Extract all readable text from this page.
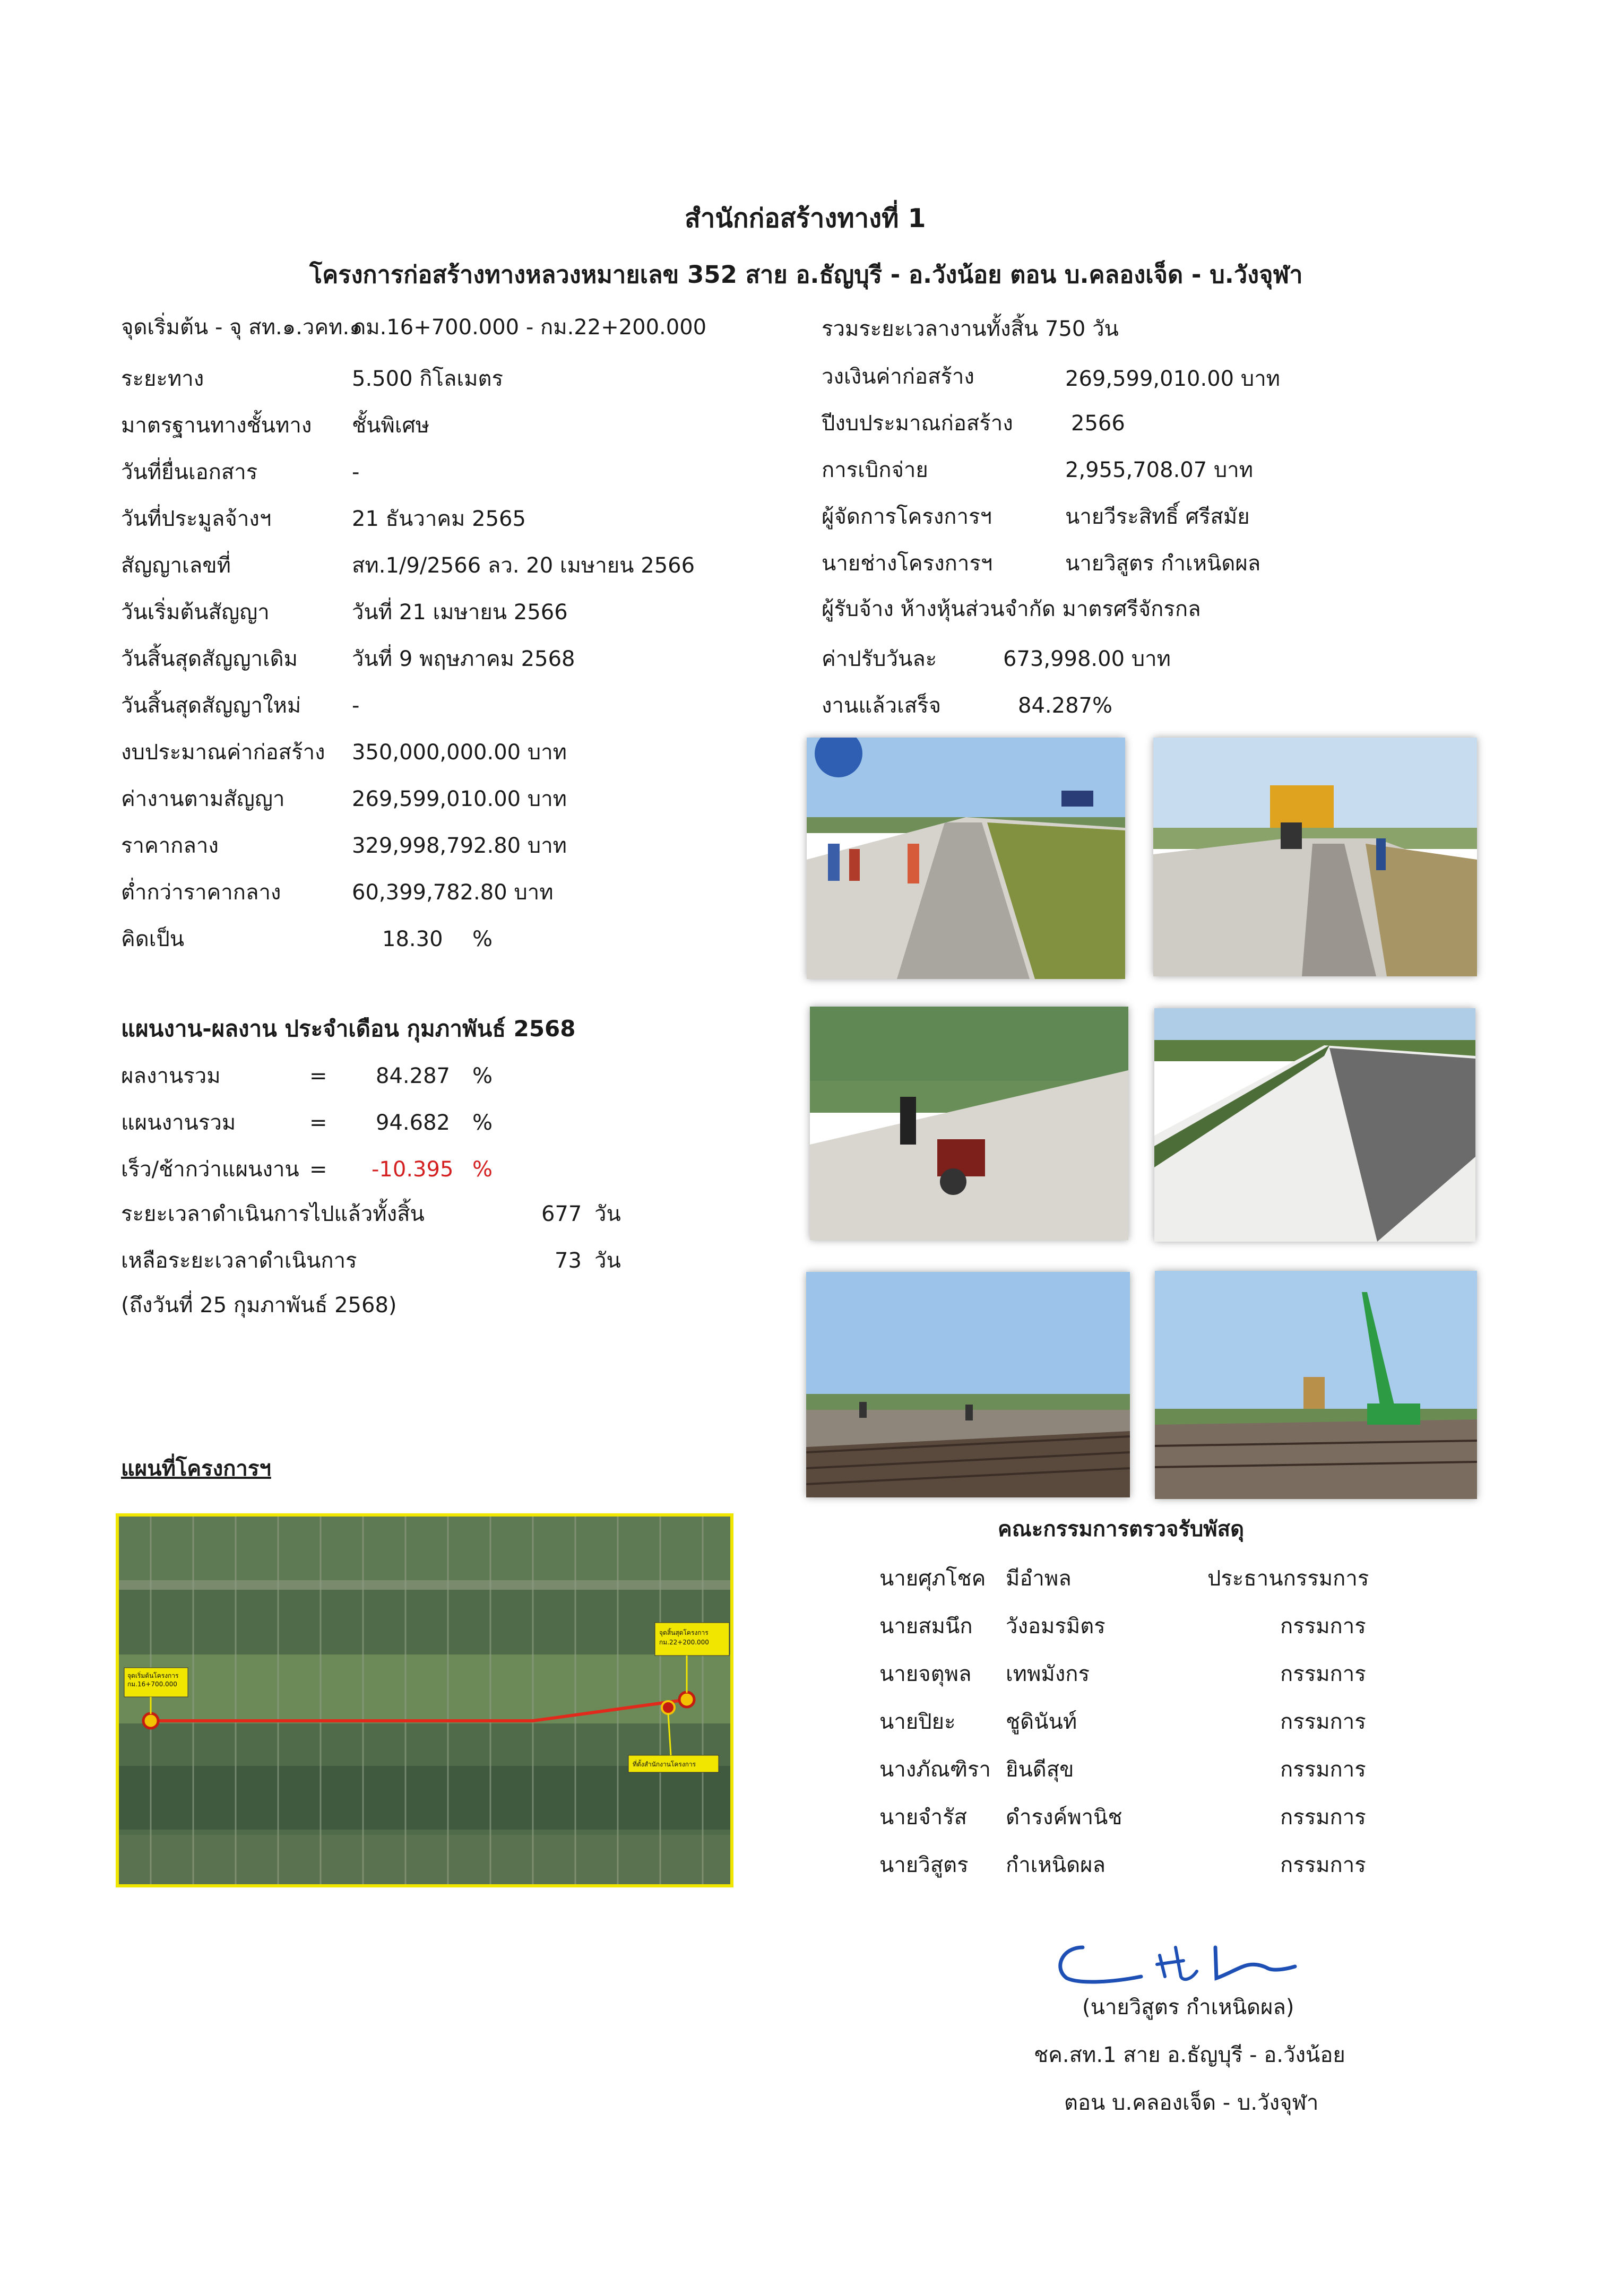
สำนักก่อสร้างทางที่ 1
โครงการก่อสร้างทางหลวงหมายเลข 352 สาย อ.ธัญบุรี - อ.วังน้อย ตอน บ.คลองเจ็ด - บ.วังจุฬา
จุดเริ่มต้น - จุ สท.๑.วคท.๑
กม.16+700.000 - กม.22+200.000
ระยะทาง	5.500 กิโลเมตร
มาตรฐานทางชั้นทาง ชั้นพิเศษ
วันที่ยื่นเอกสาร	-
วันที่ประมูลจ้างฯ	21 ธันวาคม 2565
สัญญาเลขที่	สท.1/9/2566 ลว. 20 เมษายน 2566
วันเริ่มต้นสัญญา	วันที่ 21 เมษายน 2566
วันสิ้นสุดสัญญาเดิม	วันที่ 9 พฤษภาคม 2568
วันสิ้นสุดสัญญาใหม่ -
งบประมาณค่าก่อสร้าง 350,000,000.00 บาท
ค่างานตามสัญญา	269,599,010.00 บาท
ราคากลาง	329,998,792.80 บาท
ต่ำกว่าราคากลาง	60,399,782.80 บาท
คิดเป็น	18.30 %
รวมระยะเวลางานทั้งสิ้น 750 วัน
วงเงินค่าก่อสร้าง	269,599,010.00 บาท
ปีงบประมาณก่อสร้าง	2566
การเบิกจ่าย	2,955,708.07 บาท
ผู้จัดการโครงการฯ	นายวีระสิทธิ์ ศรีสมัย
นายช่างโครงการฯ	นายวิสูตร กำเหนิดผล
ผู้รับจ้าง ห้างหุ้นส่วนจำกัด มาตรศรีจักรกล
ค่าปรับวันละ	673,998.00 บาท
งานแล้วเสร็จ	84.287%
แผนงาน-ผลงาน ประจำเดือน กุมภาพันธ์ 2568
ผลงานรวม	= 84.287 %
แผนงานรวม	= 94.682 %
เร็ว/ช้ากว่าแผนงาน = -10.395 %
ระยะเวลาดำเนินการไปแล้วทั้งสิ้น	677 วัน
เหลือระยะเวลาดำเนินการ	73 วัน
(ถึงวันที่ 25 กุมภาพันธ์ 2568)
แผนที่โครงการฯ
จุดเริ่มต้นโครงการ
กม.16+700.000
จุดสิ้นสุดโครงการ
กม.22+200.000
ที่ตั้งสำนักงานโครงการ
คณะกรรมการตรวจรับพัสดุ
นายศุภโชค มีอำพล	ประธานกรรมการ
นายสมนึก วังอมรมิตร	กรรมการ
นายจตุพล เทพมังกร	กรรมการ
นายปิยะ ชูดินันท์	กรรมการ
นางภัณฑิรา ยินดีสุข	กรรมการ
นายจำรัส ดำรงค์พานิช	กรรมการ
นายวิสูตร กำเหนิดผล	กรรมการ
(นายวิสูตร กำเหนิดผล)
ชค.สท.1 สาย อ.ธัญบุรี - อ.วังน้อย
ตอน บ.คลองเจ็ด - บ.วังจุฬา
